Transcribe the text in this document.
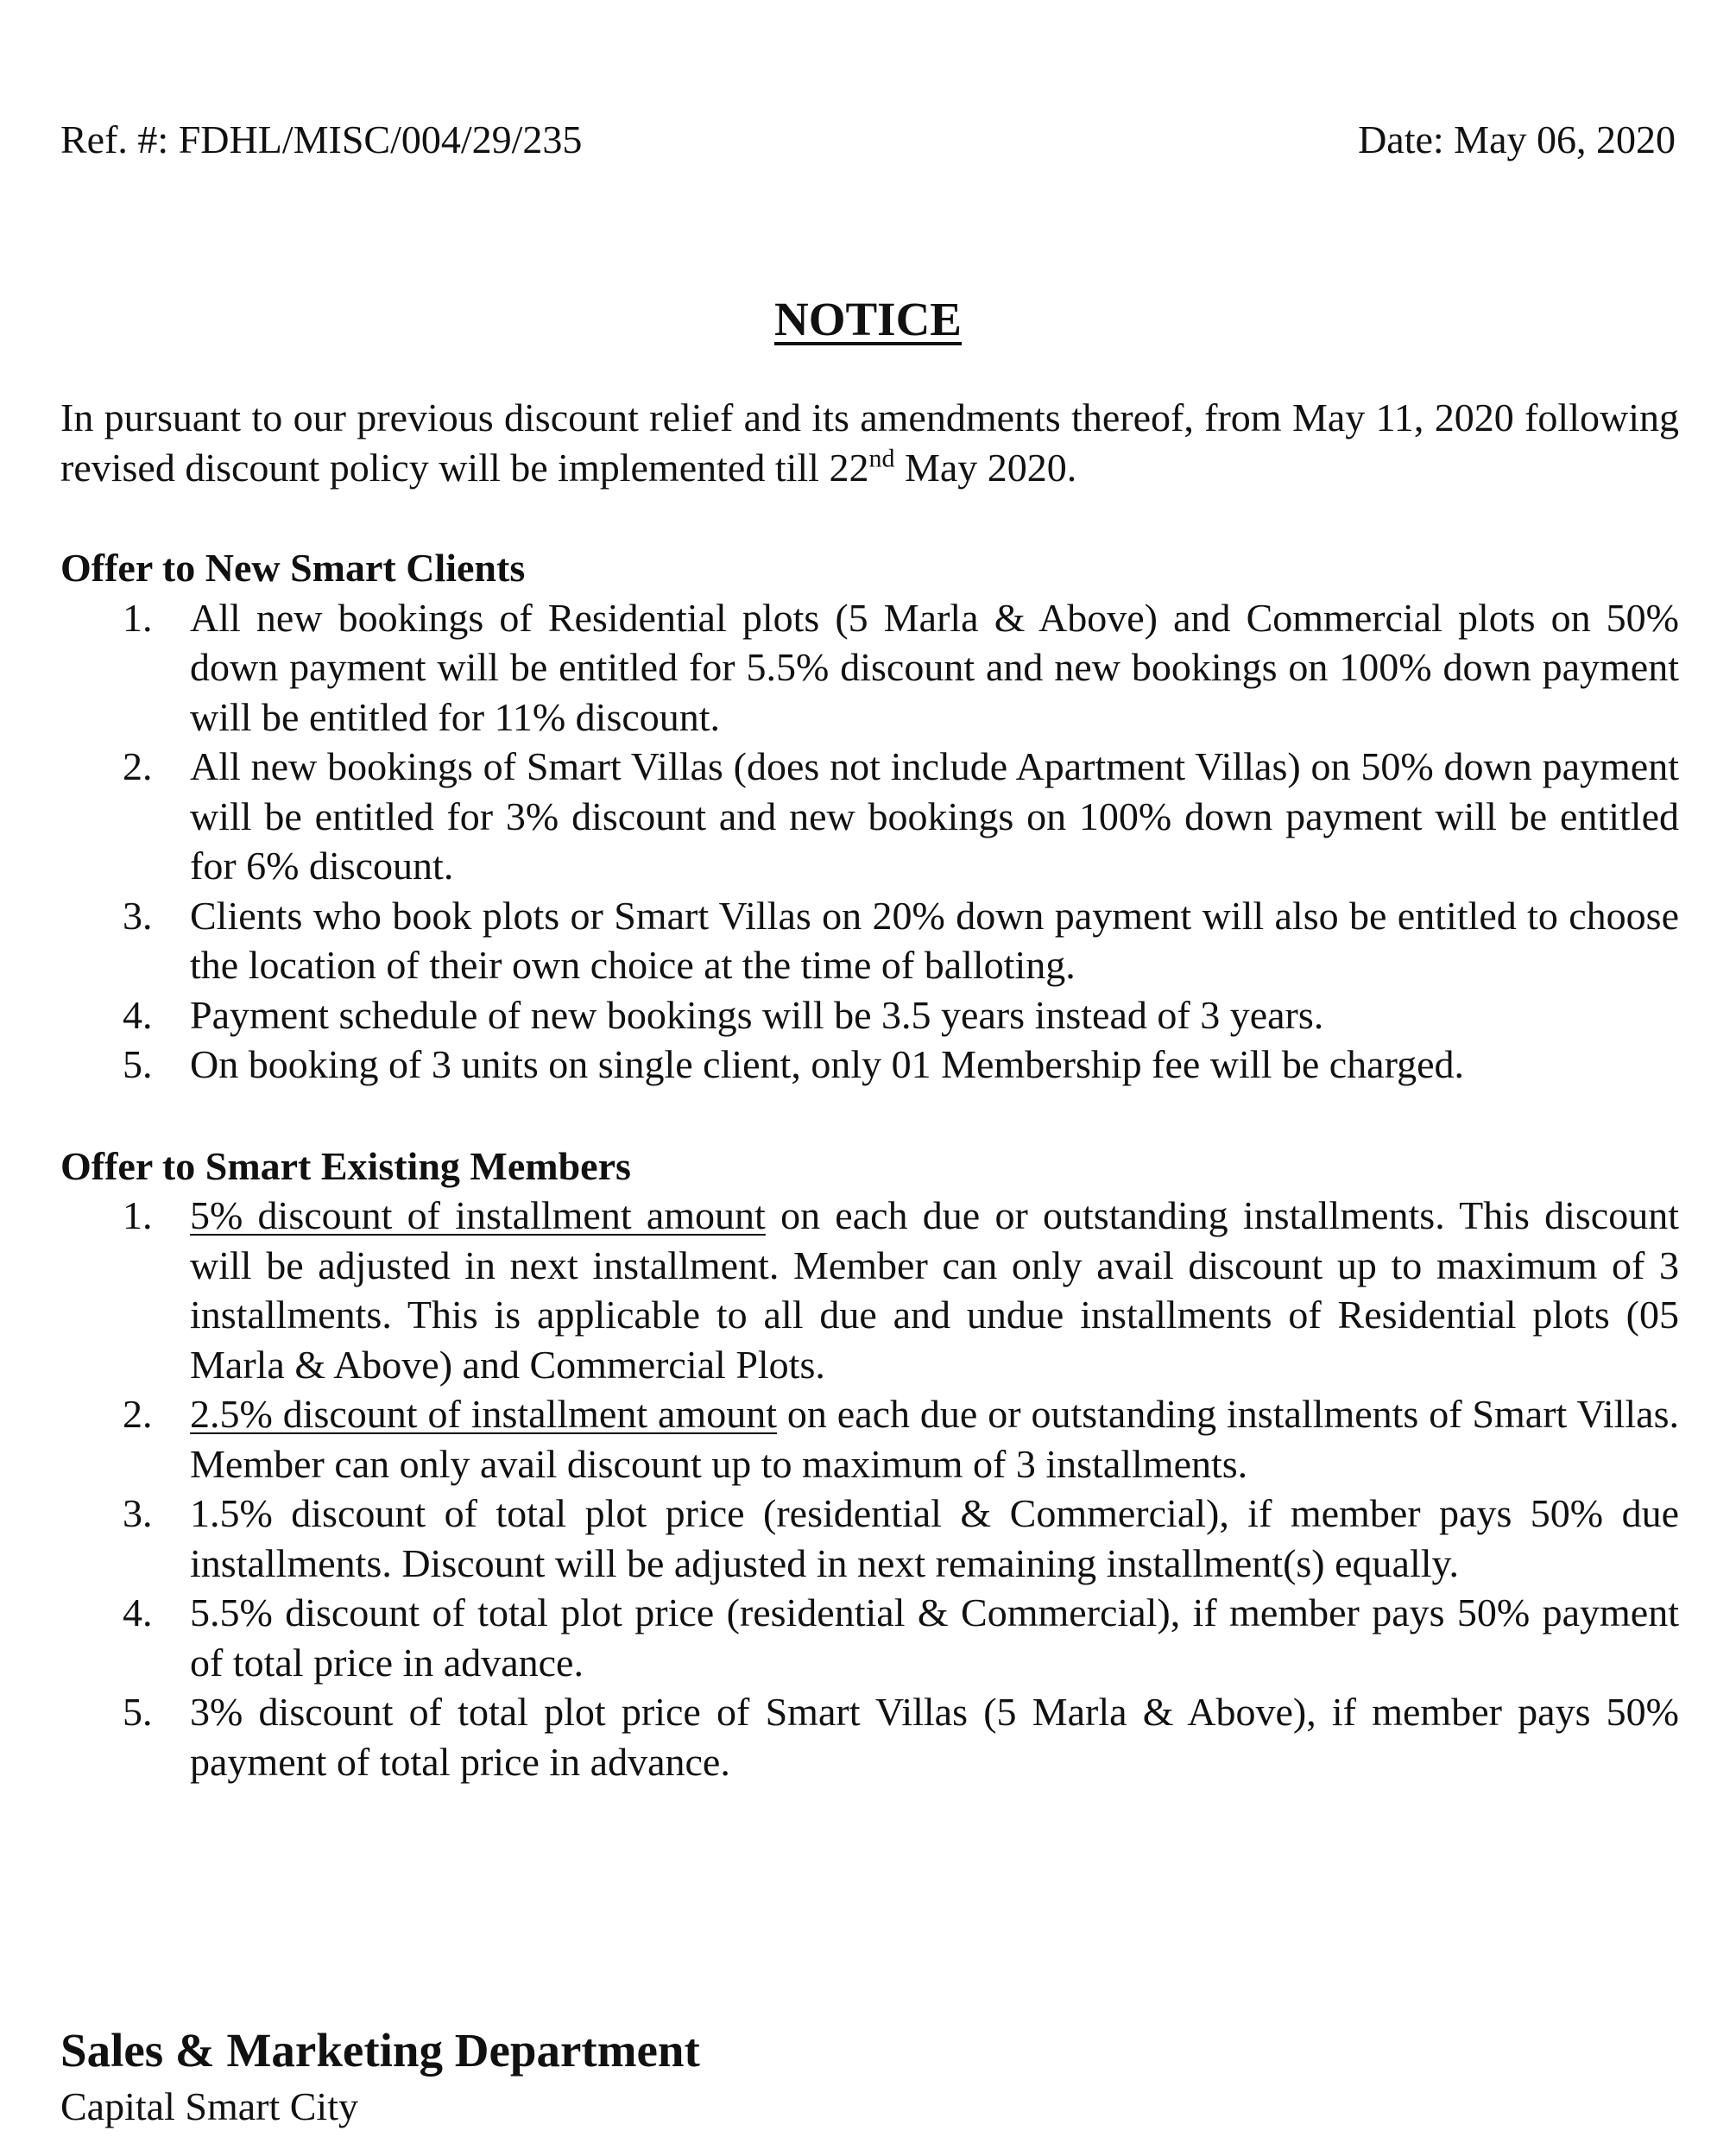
Ref. #: FDHL/MISC/004/29/235	Date: May 06, 2020
NOTICE

In pursuant to our previous discount relief and its amendments thereof, from May 11, 2020 following revised discount policy will be implemented till 22nd May 2020.

Offer to New Smart Clients

1. All new bookings of Residential plots (5 Marla & Above) and Commercial plots on 50% down payment will be entitled for 5.5% discount and new bookings on 100% down payment will be entitled for 11% discount.
2. All new bookings of Smart Villas (does not include Apartment Villas) on 50% down payment will be entitled for 3% discount and new bookings on 100% down payment will be entitled for 6% discount.
3. Clients who book plots or Smart Villas on 20% down payment will also be entitled to choose the location of their own choice at the time of balloting.
4. Payment schedule of new bookings will be 3.5 years instead of 3 years.
5. On booking of 3 units on single client, only 01 Membership fee will be charged.

Offer to Smart Existing Members

1. 5% discount of installment amount on each due or outstanding installments. This discount will be adjusted in next installment. Member can only avail discount up to maximum of 3 installments. This is applicable to all due and undue installments of Residential plots (05 Marla & Above) and Commercial Plots.
2. 2.5% discount of installment amount on each due or outstanding installments of Smart Villas. Member can only avail discount up to maximum of 3 installments.
3. 1.5% discount of total plot price (residential & Commercial), if member pays 50% due installments. Discount will be adjusted in next remaining installment(s) equally.
4. 5.5% discount of total plot price (residential & Commercial), if member pays 50% payment of total price in advance.
5. 3% discount of total plot price of Smart Villas (5 Marla & Above), if member pays 50% payment of total price in advance.
Sales & Marketing Department
Capital Smart City
